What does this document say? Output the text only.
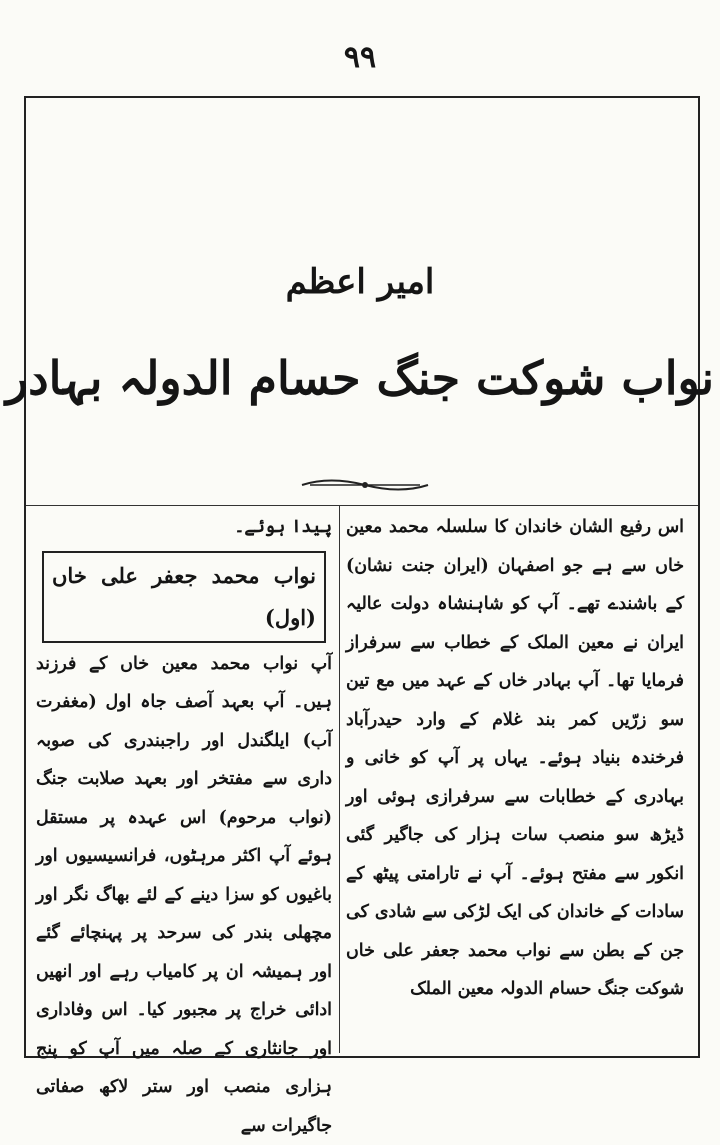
۹۹
امیر اعظم
نواب شوکت جنگ حسام الدولہ بہادر

اس رفیع الشان خاندان کا سلسلہ محمد معین خاں سے ہے جو اصفہان (ایران جنت نشان) کے باشندے تھے۔ آپ کو شاہنشاہ دولت عالیہ ایران نے معین الملک کے خطاب سے سرفراز فرمایا تھا۔ آپ بہادر خاں کے عہد میں مع تین سو زرّیں کمر بند غلام کے وارد حیدرآباد فرخندہ بنیاد ہوئے۔ یہاں پر آپ کو خانی و بہادری کے خطابات سے سرفرازی ہوئی اور ڈیڑھ سو منصب سات ہزار کی جاگیر گئی انکور سے مفتح ہوئے۔ آپ نے تارامتی پیٹھ کے سادات کے خاندان کی ایک لڑکی سے شادی کی جن کے بطن سے نواب محمد جعفر علی خاں شوکت جنگ حسام الدولہ معین الملک

پیدا ہوئے۔

نواب محمد جعفر علی خاں (اول)

آپ نواب محمد معین خاں کے فرزند ہیں۔ آپ بعہد آصف جاہ اول (مغفرت آب) ایلگندل اور راجبندری کی صوبہ داری سے مفتخر اور بعہد صلابت جنگ (نواب مرحوم) اس عہدہ پر مستقل ہوئے آپ اکثر مرہٹوں، فرانسیسیوں اور باغیوں کو سزا دینے کے لئے بھاگ نگر اور مچھلی بندر کی سرحد پر پہنچائے گئے اور ہمیشہ ان پر کامیاب رہے اور انھیں ادائی خراج پر مجبور کیا۔ اس وفاداری اور جانثاری کے صلہ میں آپ کو پنج ہزاری منصب اور ستر لاکھ صفاتی جاگیرات سے
